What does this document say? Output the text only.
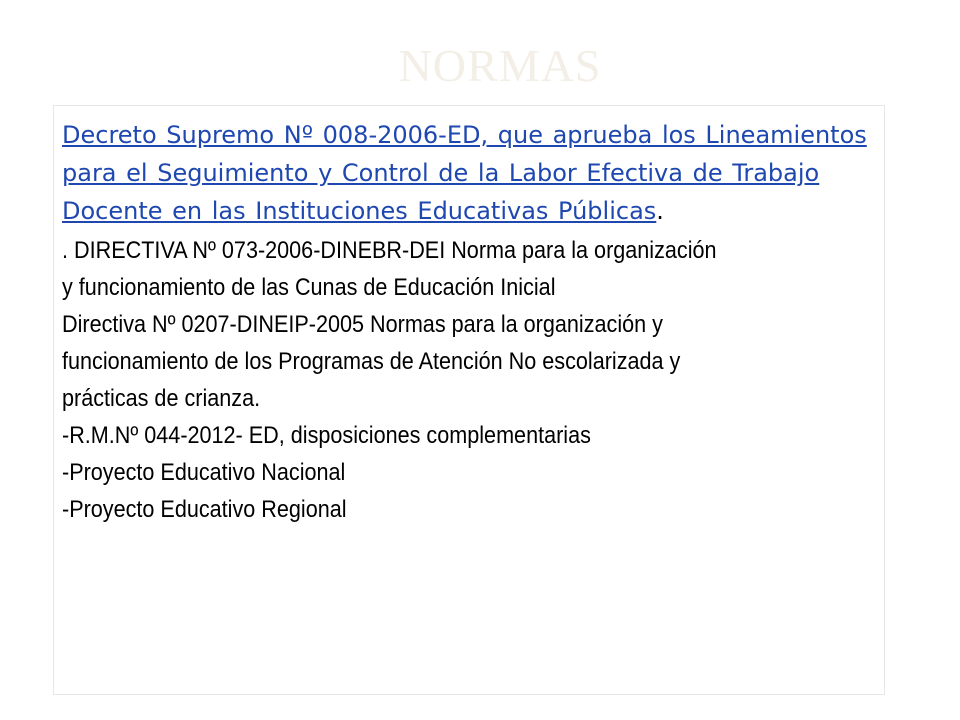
NORMAS

Decreto Supremo Nº 008-2006-ED, que aprueba los Lineamientos para el Seguimiento y Control de la Labor Efectiva de Trabajo Docente en las Instituciones Educativas Públicas.

. DIRECTIVA Nº 073-2006-DINEBR-DEI Norma para la organización

y funcionamiento de las Cunas de Educación Inicial

Directiva Nº 0207-DINEIP-2005 Normas para la organización y

funcionamiento de los Programas de Atención No escolarizada y

prácticas de crianza.

-R.M.Nº 044-2012- ED, disposiciones complementarias

-Proyecto Educativo Nacional

-Proyecto Educativo Regional
